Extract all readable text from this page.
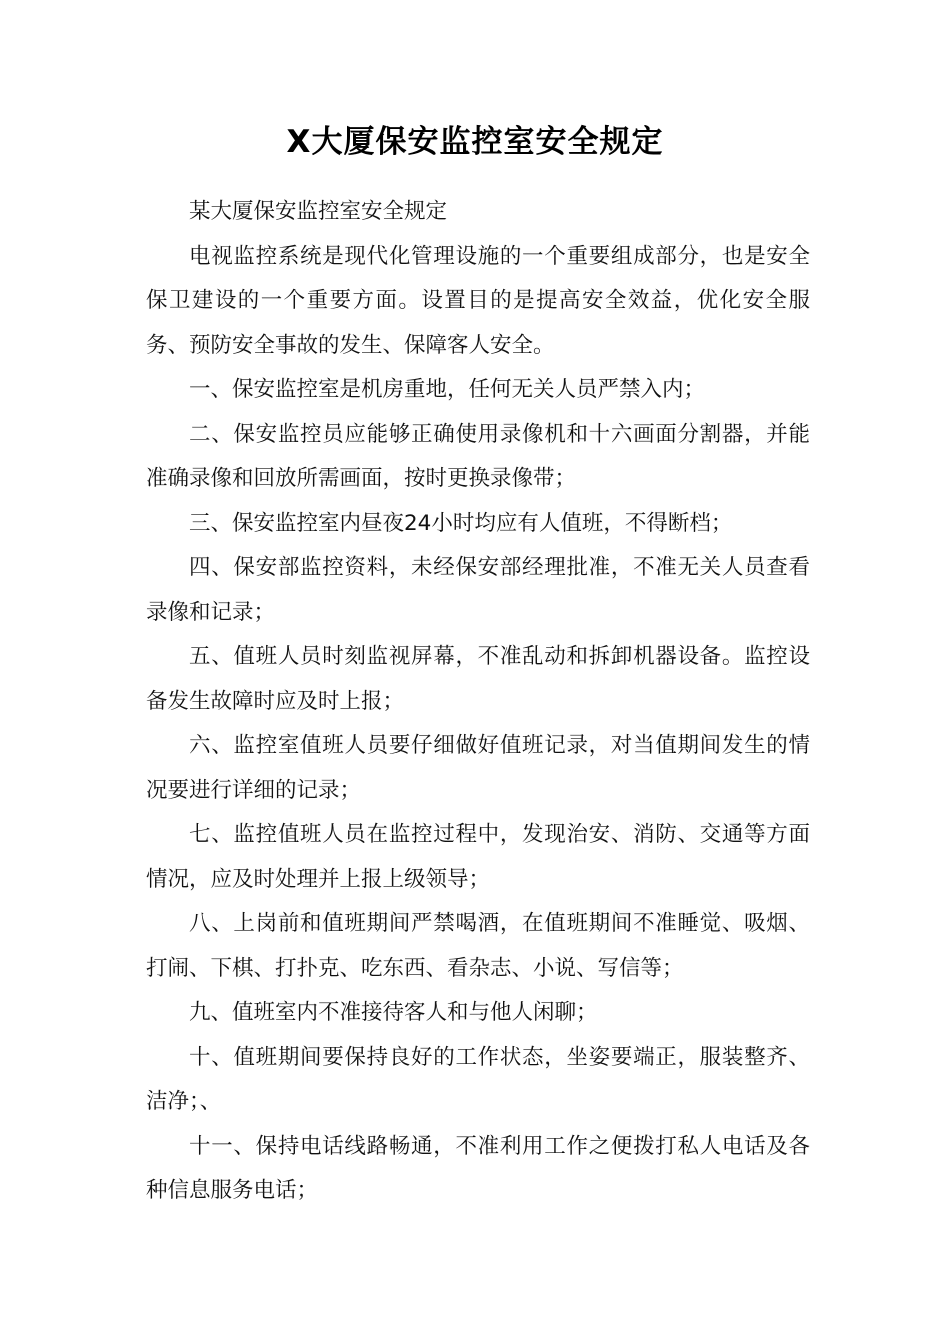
X大厦保安监控室安全规定

某大厦保安监控室安全规定

电视监控系统是现代化管理设施的一个重要组成部分，也是安全保卫建设的一个重要方面。设置目的是提高安全效益，优化安全服务、预防安全事故的发生、保障客人安全。

一、保安监控室是机房重地，任何无关人员严禁入内；

二、保安监控员应能够正确使用录像机和十六画面分割器，并能准确录像和回放所需画面，按时更换录像带；

三、保安监控室内昼夜24小时均应有人值班，不得断档；

四、保安部监控资料，未经保安部经理批准，不准无关人员查看录像和记录；

五、值班人员时刻监视屏幕，不准乱动和拆卸机器设备。监控设备发生故障时应及时上报；

六、监控室值班人员要仔细做好值班记录，对当值期间发生的情况要进行详细的记录；

七、监控值班人员在监控过程中，发现治安、消防、交通等方面情况，应及时处理并上报上级领导；

八、上岗前和值班期间严禁喝酒，在值班期间不准睡觉、吸烟、打闹、下棋、打扑克、吃东西、看杂志、小说、写信等；

九、值班室内不准接待客人和与他人闲聊；

十、值班期间要保持良好的工作状态，坐姿要端正，服装整齐、洁净；、

十一、保持电话线路畅通，不准利用工作之便拨打私人电话及各种信息服务电话；
